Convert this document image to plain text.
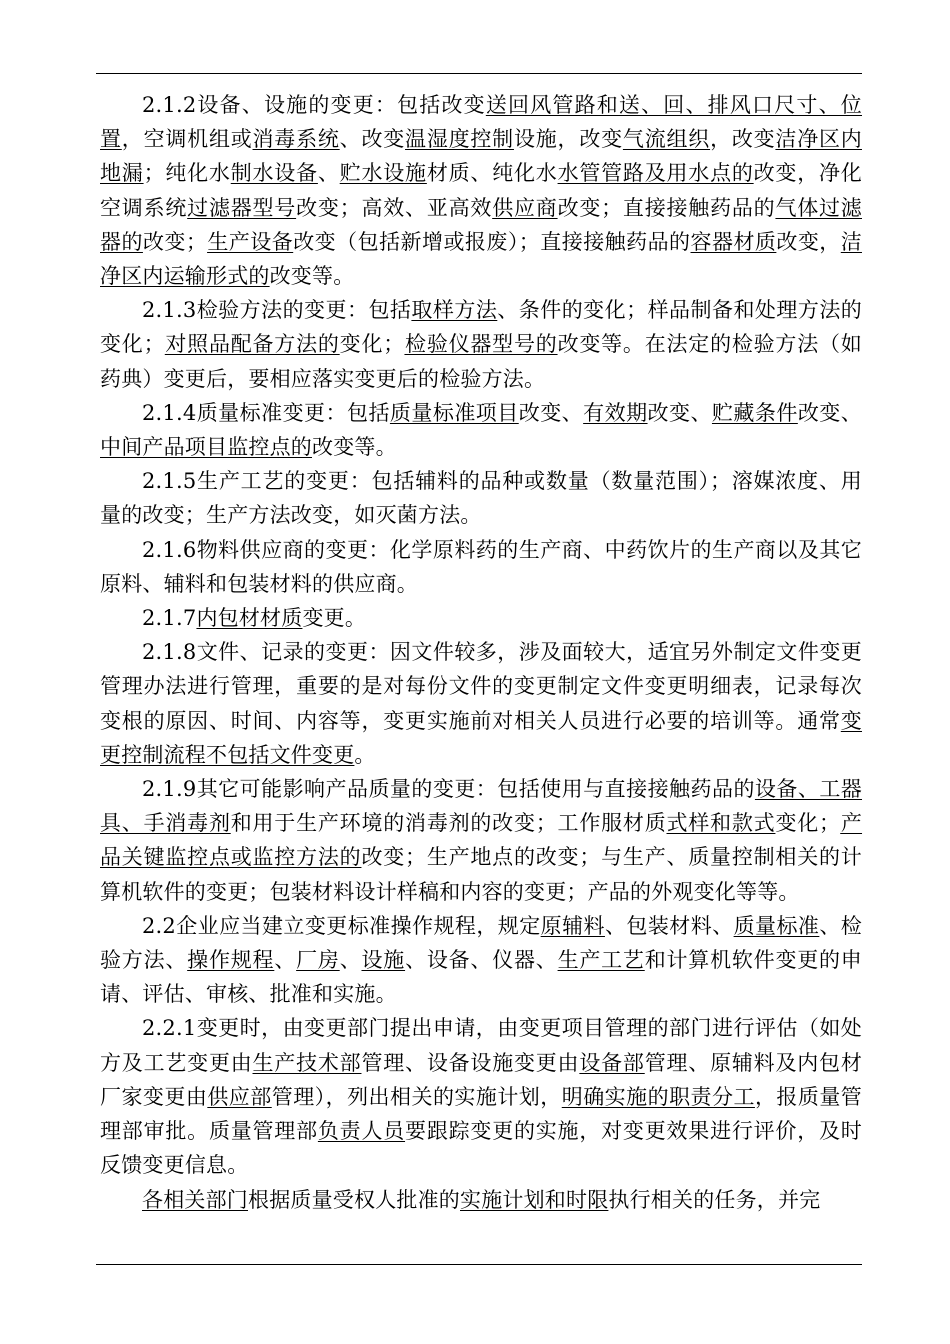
2.1.2设备、设施的变更：包括改变送回风管路和送、回、排风口尺寸、位置，空调机组或消毒系统、改变温湿度控制设施，改变气流组织，改变洁净区内地漏；纯化水制水设备、贮水设施材质、纯化水水管管路及用水点的改变，净化空调系统过滤器型号改变；高效、亚高效供应商改变；直接接触药品的气体过滤器的改变；生产设备改变（包括新增或报废）；直接接触药品的容器材质改变，洁净区内运输形式的改变等。

2.1.3检验方法的变更：包括取样方法、条件的变化；样品制备和处理方法的变化；对照品配备方法的变化；检验仪器型号的改变等。在法定的检验方法（如药典）变更后，要相应落实变更后的检验方法。

2.1.4质量标准变更：包括质量标准项目改变、有效期改变、贮藏条件改变、中间产品项目监控点的改变等。

2.1.5生产工艺的变更：包括辅料的品种或数量（数量范围）；溶媒浓度、用量的改变；生产方法改变，如灭菌方法。

2.1.6物料供应商的变更：化学原料药的生产商、中药饮片的生产商以及其它原料、辅料和包装材料的供应商。

2.1.7内包材材质变更。

2.1.8文件、记录的变更：因文件较多，涉及面较大，适宜另外制定文件变更管理办法进行管理，重要的是对每份文件的变更制定文件变更明细表，记录每次变根的原因、时间、内容等，变更实施前对相关人员进行必要的培训等。通常变更控制流程不包括文件变更。

2.1.9其它可能影响产品质量的变更：包括使用与直接接触药品的设备、工器具、手消毒剂和用于生产环境的消毒剂的改变；工作服材质式样和款式变化；产品关键监控点或监控方法的改变；生产地点的改变；与生产、质量控制相关的计算机软件的变更；包装材料设计样稿和内容的变更；产品的外观变化等等。

2.2企业应当建立变更标准操作规程，规定原辅料、包装材料、质量标准、检验方法、操作规程、厂房、设施、设备、仪器、生产工艺和计算机软件变更的申请、评估、审核、批准和实施。

2.2.1变更时，由变更部门提出申请，由变更项目管理的部门进行评估（如处方及工艺变更由生产技术部管理、设备设施变更由设备部管理、原辅料及内包材厂家变更由供应部管理），列出相关的实施计划，明确实施的职责分工，报质量管理部审批。质量管理部负责人员要跟踪变更的实施，对变更效果进行评价，及时反馈变更信息。

各相关部门根据质量受权人批准的实施计划和时限执行相关的任务，并完
